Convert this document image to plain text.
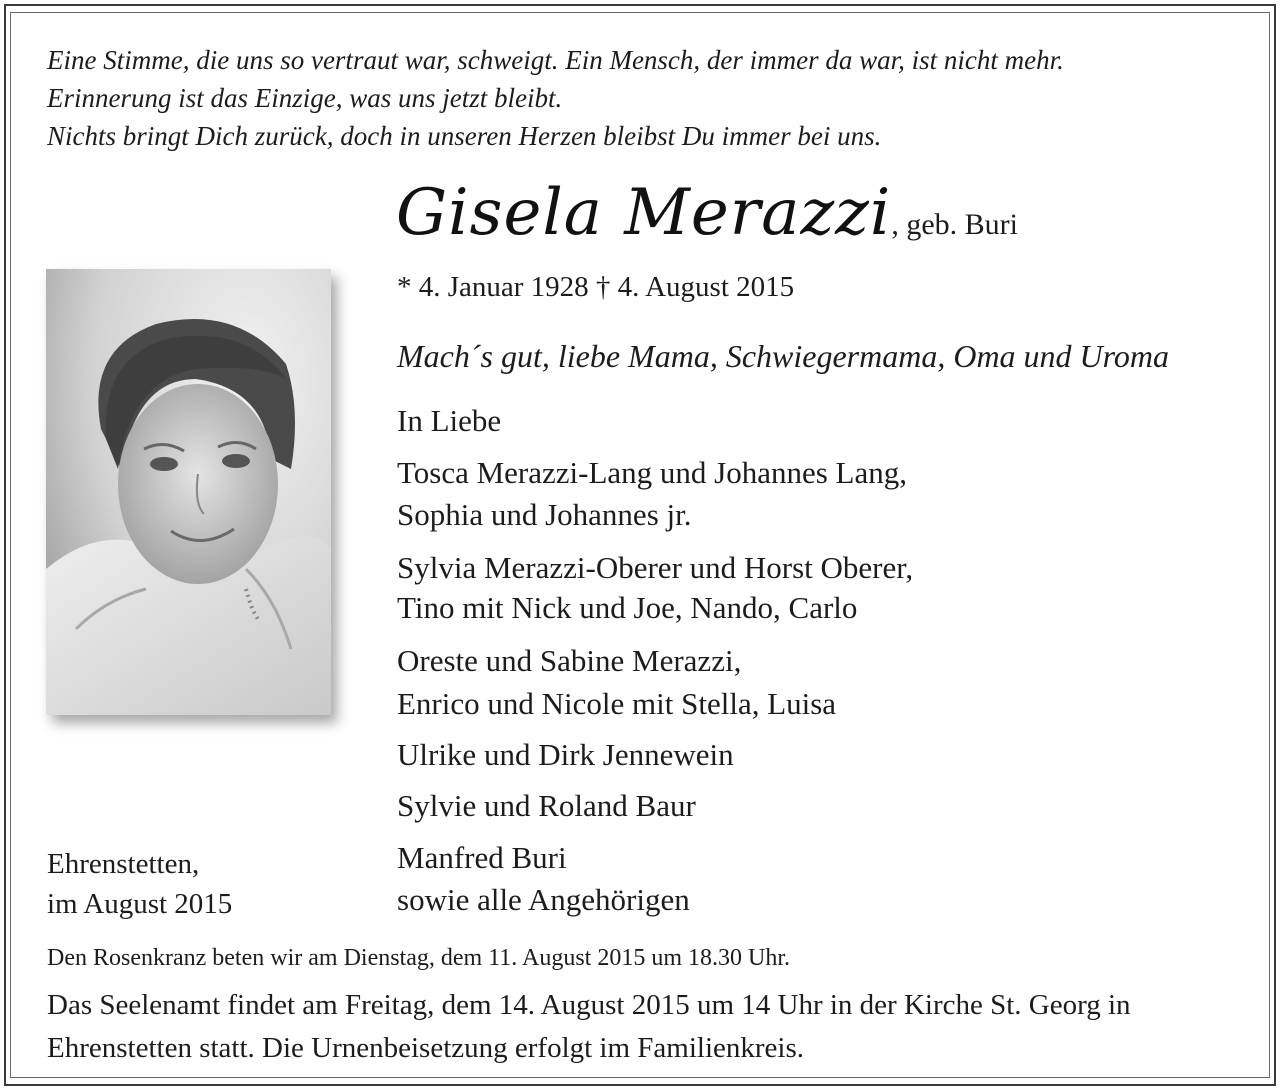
Eine Stimme, die uns so vertraut war, schweigt. Ein Mensch, der immer da war, ist nicht mehr.
Erinnerung ist das Einzige, was uns jetzt bleibt.
Nichts bringt Dich zurück, doch in unseren Herzen bleibst Du immer bei uns.
Gisela Merazzi, geb. Buri
* 4. Januar 1928 † 4. August 2015
Mach´s gut, liebe Mama, Schwiegermama, Oma und Uroma
In Liebe
Tosca Merazzi-Lang und Johannes Lang,
Sophia und Johannes jr.
Sylvia Merazzi-Oberer und Horst Oberer,
Tino mit Nick und Joe, Nando, Carlo
Oreste und Sabine Merazzi,
Enrico und Nicole mit Stella, Luisa
Ulrike und Dirk Jennewein
Sylvie und Roland Baur
Manfred Buri
sowie alle Angehörigen
Ehrenstetten,
im August 2015
Den Rosenkranz beten wir am Dienstag, dem 11. August 2015 um 18.30 Uhr.
Das Seelenamt findet am Freitag, dem 14. August 2015 um 14 Uhr in der Kirche St. Georg in
Ehrenstetten statt. Die Urnenbeisetzung erfolgt im Familienkreis.
